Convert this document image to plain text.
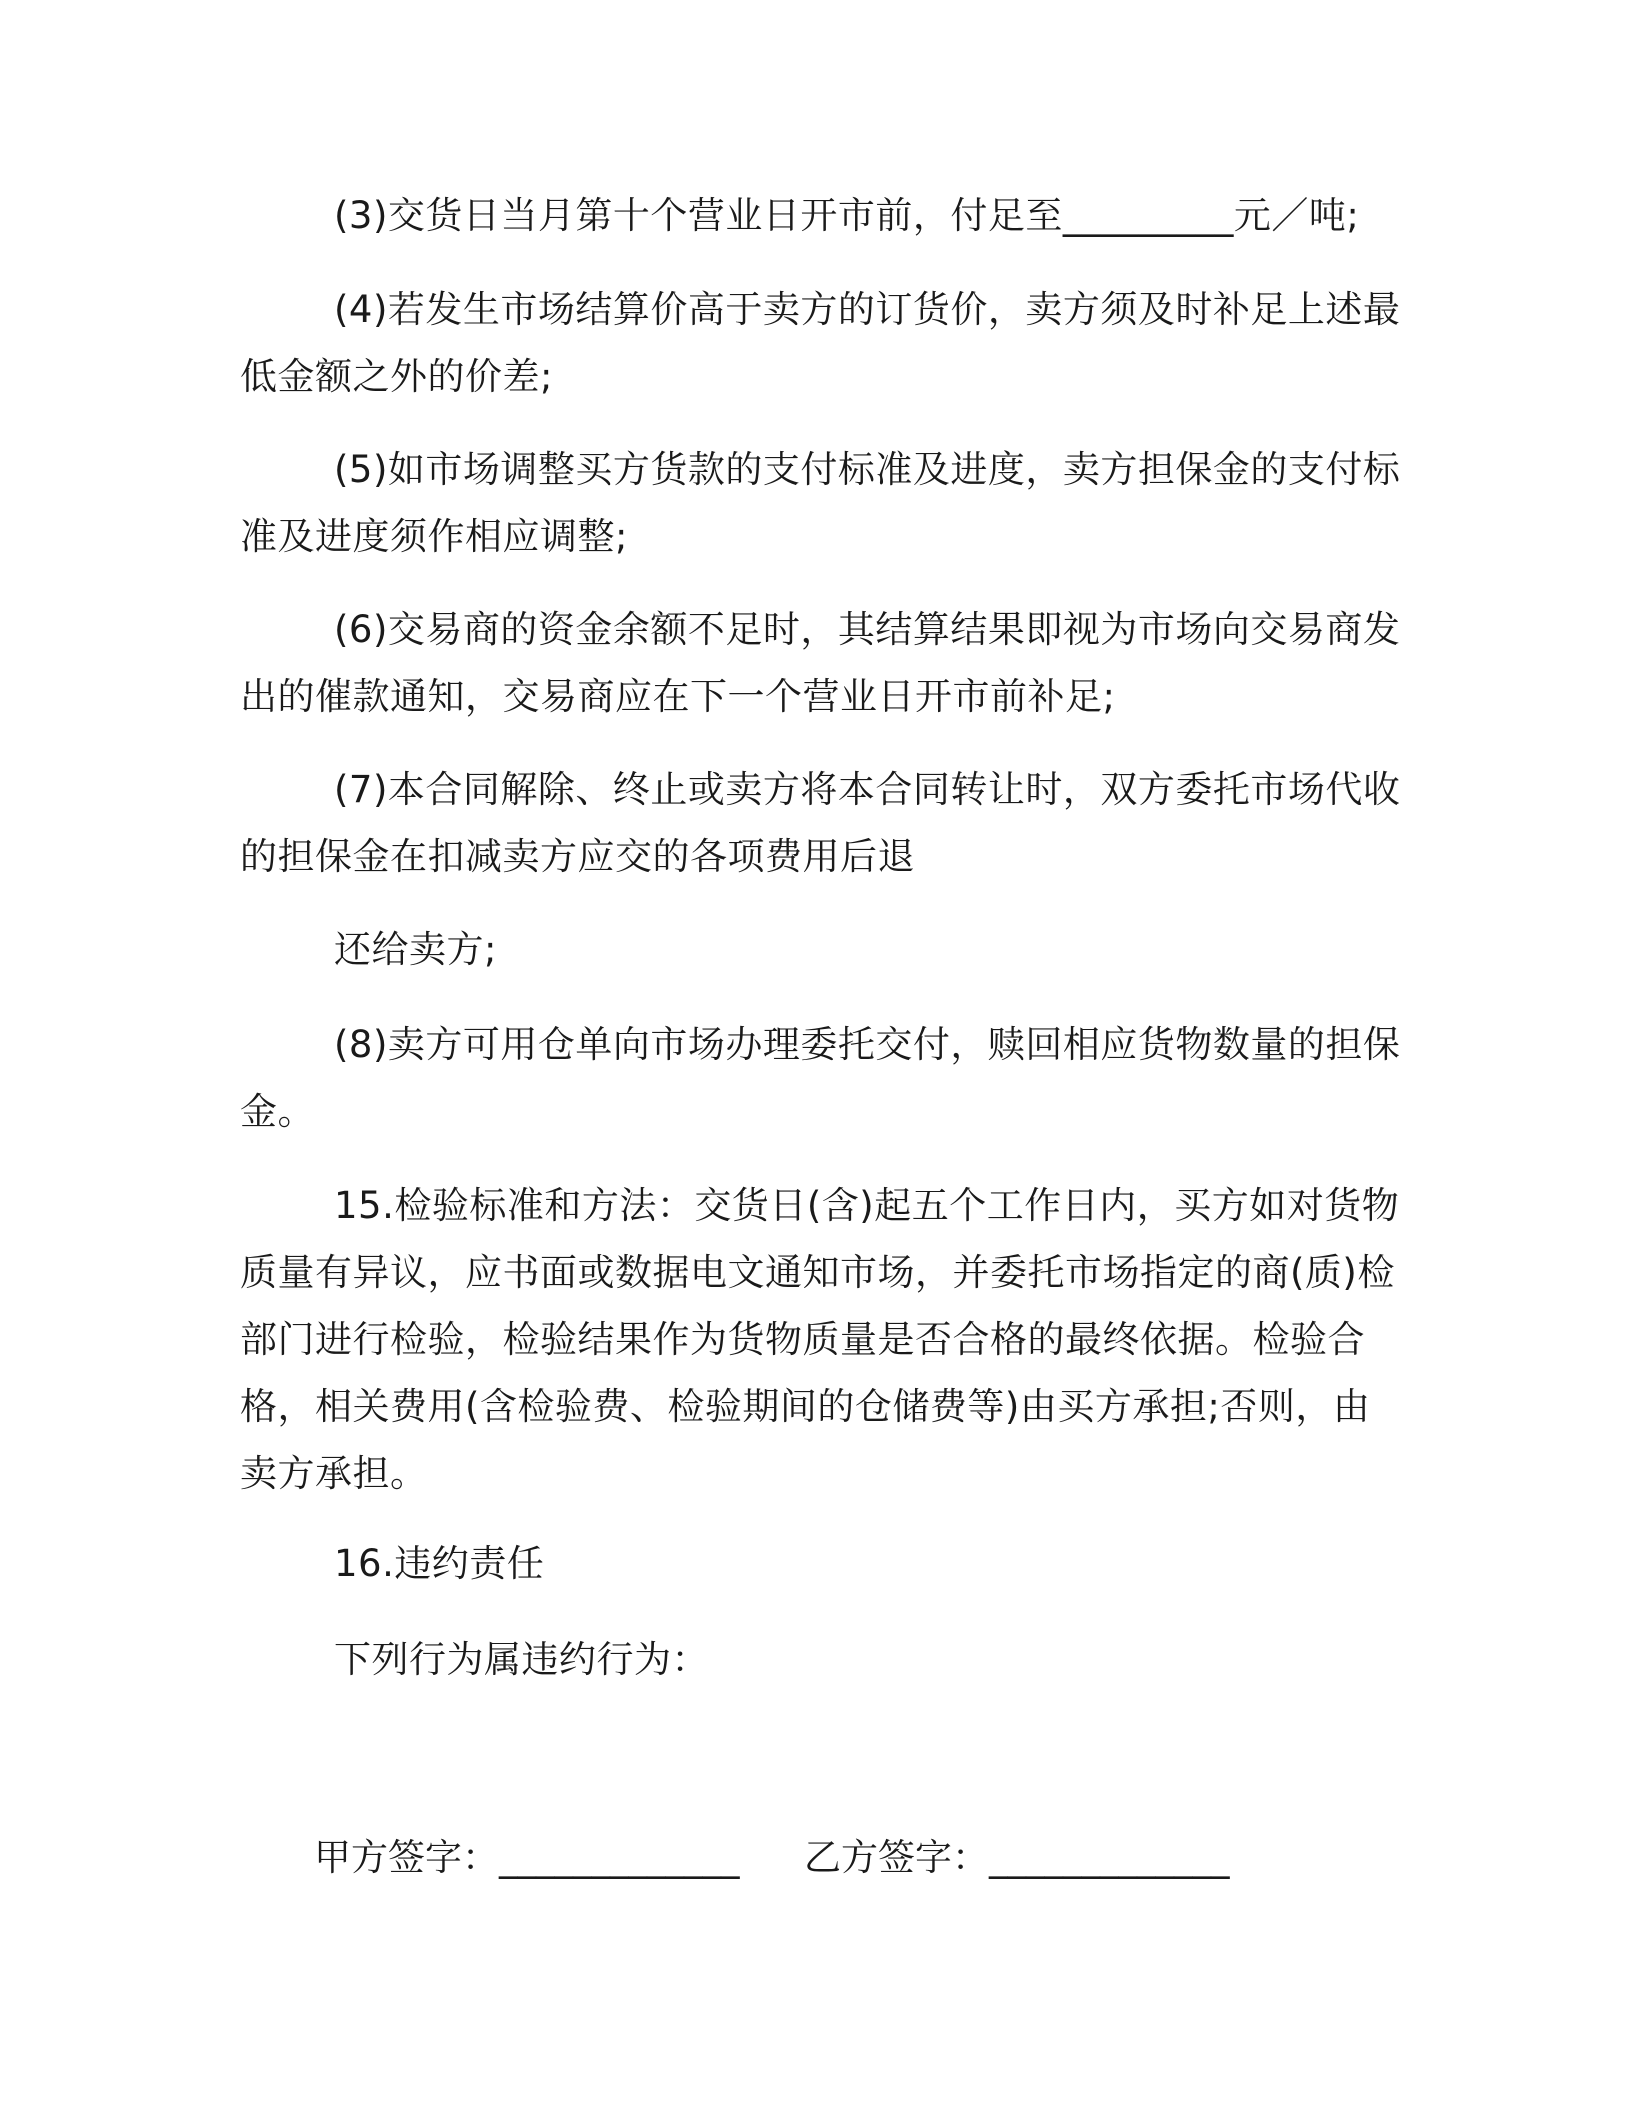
(3)交货日当月第十个营业日开市前，付足至_________元／吨;
(4)若发生市场结算价高于卖方的订货价，卖方须及时补足上述最
低金额之外的价差;
(5)如市场调整买方货款的支付标准及进度，卖方担保金的支付标
准及进度须作相应调整;
(6)交易商的资金余额不足时，其结算结果即视为市场向交易商发
出的催款通知，交易商应在下一个营业日开市前补足;
(7)本合同解除、终止或卖方将本合同转让时，双方委托市场代收
的担保金在扣减卖方应交的各项费用后退
还给卖方;
(8)卖方可用仓单向市场办理委托交付，赎回相应货物数量的担保
金。
15.检验标准和方法：交货日(含)起五个工作日内，买方如对货物
质量有异议，应书面或数据电文通知市场，并委托市场指定的商(质)检
部门进行检验，检验结果作为货物质量是否合格的最终依据。检验合
格，相关费用(含检验费、检验期间的仓储费等)由买方承担;否则，由
卖方承担。
16.违约责任
下列行为属违约行为：
甲方签字：_____________ 乙方签字：_____________
